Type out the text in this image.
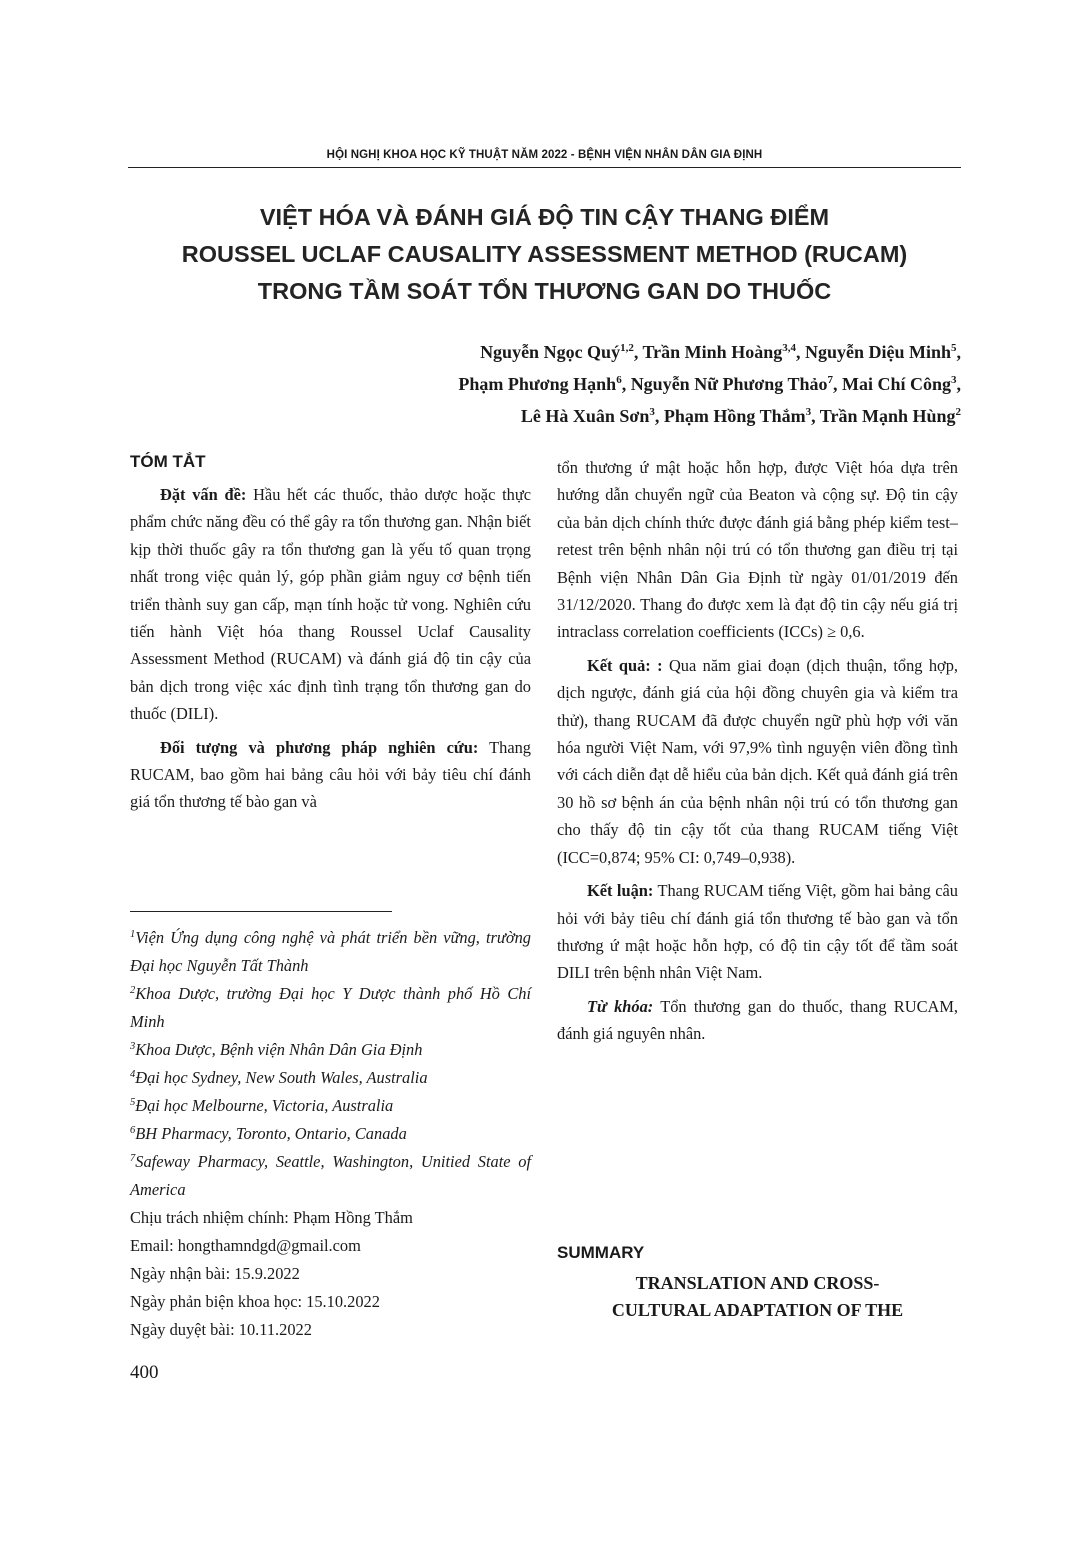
HỘI NGHỊ KHOA HỌC KỸ THUẬT NĂM 2022 - BỆNH VIỆN NHÂN DÂN GIA ĐỊNH
VIỆT HÓA VÀ ĐÁNH GIÁ ĐỘ TIN CẬY THANG ĐIỂM
ROUSSEL UCLAF CAUSALITY ASSESSMENT METHOD (RUCAM)
TRONG TẦM SOÁT TỔN THƯƠNG GAN DO THUỐC
Nguyễn Ngọc Quý$^{1,2}$, Trần Minh Hoàng$^{3,4}$, Nguyễn Diệu Minh$^5$,
Phạm Phương Hạnh$^6$, Nguyễn Nữ Phương Thảo$^7$, Mai Chí Công$^3$,
Lê Hà Xuân Sơn$^3$, Phạm Hồng Thắm$^3$, Trần Mạnh Hùng$^2$
TÓM TẮT

Đặt vấn đề: Hầu hết các thuốc, thảo dược hoặc thực phẩm chức năng đều có thể gây ra tổn thương gan. Nhận biết kịp thời thuốc gây ra tổn thương gan là yếu tố quan trọng nhất trong việc quản lý, góp phần giảm nguy cơ bệnh tiến triển thành suy gan cấp, mạn tính hoặc tử vong. Nghiên cứu tiến hành Việt hóa thang Roussel Uclaf Causality Assessment Method (RUCAM) và đánh giá độ tin cậy của bản dịch trong việc xác định tình trạng tổn thương gan do thuốc (DILI).

Đối tượng và phương pháp nghiên cứu: Thang RUCAM, bao gồm hai bảng câu hỏi với bảy tiêu chí đánh giá tổn thương tế bào gan và

$^1$Viện Ứng dụng công nghệ và phát triển bền vững, trường Đại học Nguyễn Tất Thành
$^2$Khoa Dược, trường Đại học Y Dược thành phố Hồ Chí Minh
$^3$Khoa Dược, Bệnh viện Nhân Dân Gia Định
$^4$Đại học Sydney, New South Wales, Australia
$^5$Đại học Melbourne, Victoria, Australia
$^6$BH Pharmacy, Toronto, Ontario, Canada
$^7$Safeway Pharmacy, Seattle, Washington, Unitied State of America
Chịu trách nhiệm chính: Phạm Hồng Thắm
Email: hongthamndgd@gmail.com
Ngày nhận bài: 15.9.2022
Ngày phản biện khoa học: 15.10.2022
Ngày duyệt bài: 10.11.2022

tổn thương ứ mật hoặc hỗn hợp, được Việt hóa dựa trên hướng dẫn chuyển ngữ của Beaton và cộng sự. Độ tin cậy của bản dịch chính thức được đánh giá bằng phép kiểm test–retest trên bệnh nhân nội trú có tổn thương gan điều trị tại Bệnh viện Nhân Dân Gia Định từ ngày 01/01/2019 đến 31/12/2020. Thang đo được xem là đạt độ tin cậy nếu giá trị intraclass correlation coefficients (ICCs) ≥ 0,6.

Kết quả: : Qua năm giai đoạn (dịch thuận, tổng hợp, dịch ngược, đánh giá của hội đồng chuyên gia và kiểm tra thử), thang RUCAM đã được chuyển ngữ phù hợp với văn hóa người Việt Nam, với 97,9% tình nguyện viên đồng tình với cách diễn đạt dễ hiểu của bản dịch. Kết quả đánh giá trên 30 hồ sơ bệnh án của bệnh nhân nội trú có tổn thương gan cho thấy độ tin cậy tốt của thang RUCAM tiếng Việt (ICC=0,874; 95% CI: 0,749–0,938).

Kết luận: Thang RUCAM tiếng Việt, gồm hai bảng câu hỏi với bảy tiêu chí đánh giá tổn thương tế bào gan và tổn thương ứ mật hoặc hỗn hợp, có độ tin cậy tốt để tầm soát DILI trên bệnh nhân Việt Nam.

Từ khóa: Tổn thương gan do thuốc, thang RUCAM, đánh giá nguyên nhân.

SUMMARY
TRANSLATION AND CROSS-
CULTURAL ADAPTATION OF THE
400
